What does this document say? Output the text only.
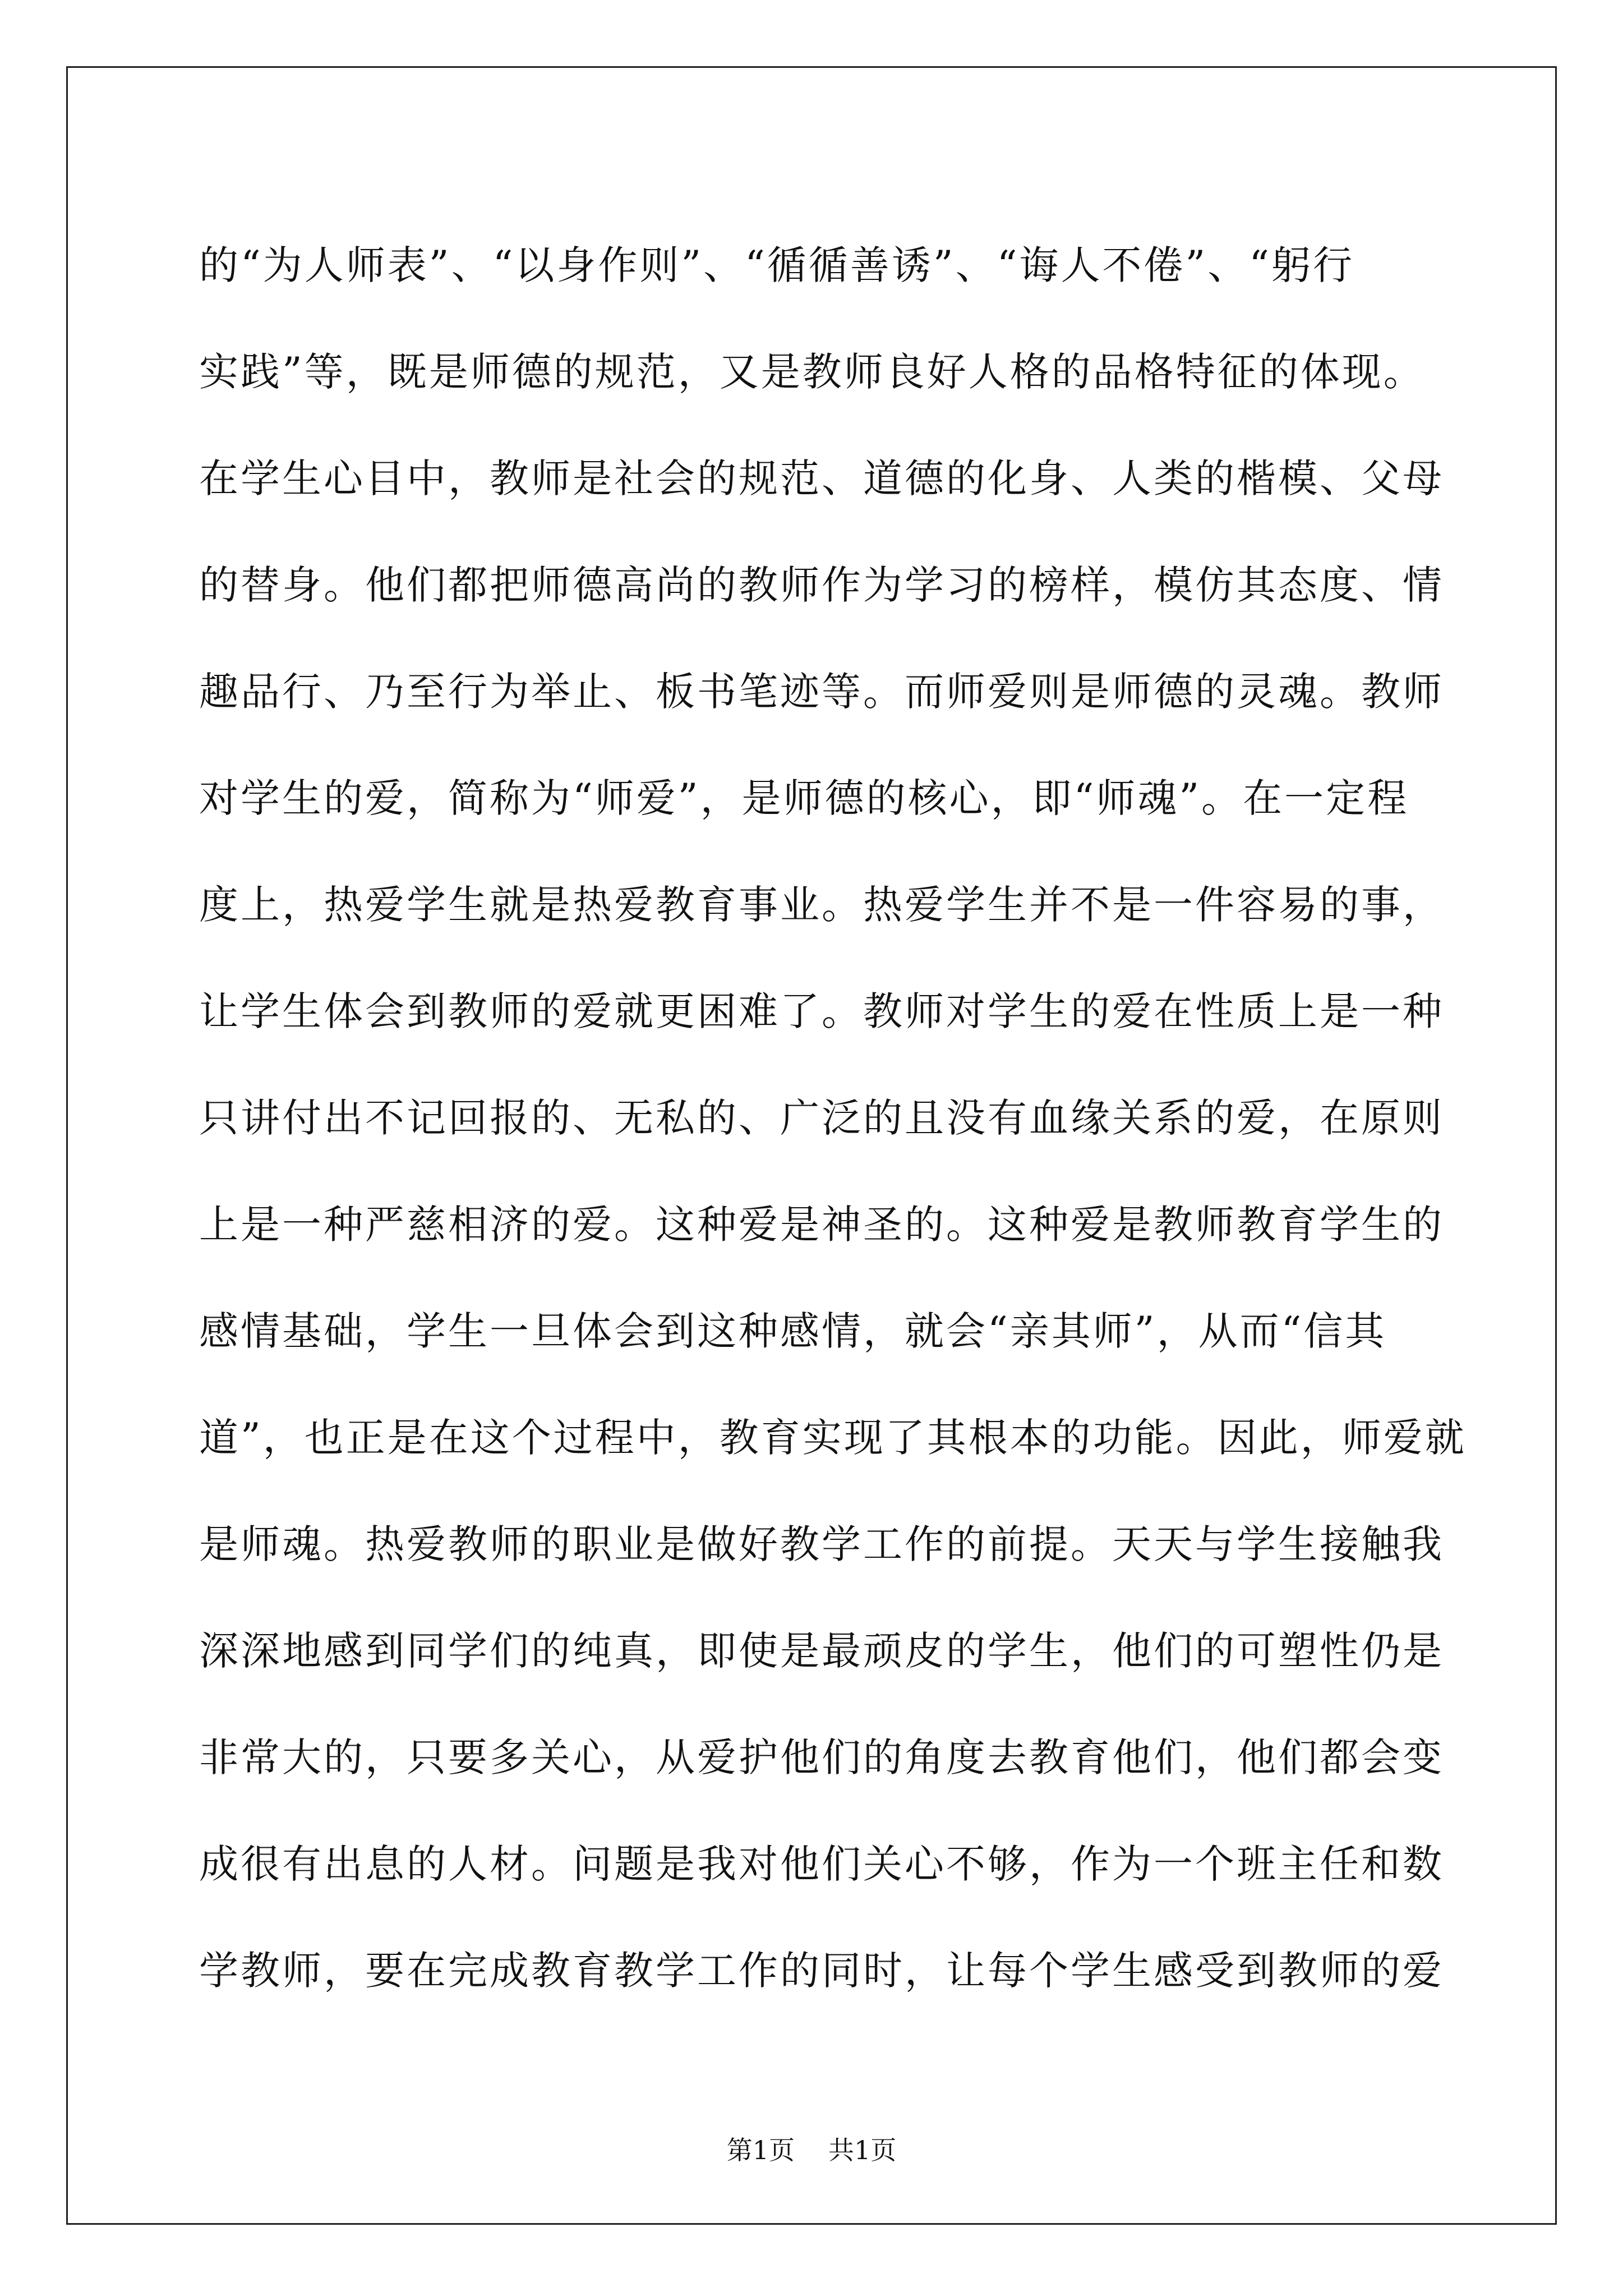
的“为人师表”、“以身作则”、“循循善诱”、“诲人不倦”、“躬行
实践”等，既是师德的规范，又是教师良好人格的品格特征的体现。
在学生心目中，教师是社会的规范、道德的化身、人类的楷模、父母
的替身。他们都把师德高尚的教师作为学习的榜样，模仿其态度、情
趣品行、乃至行为举止、板书笔迹等。而师爱则是师德的灵魂。教师
对学生的爱，简称为“师爱”，是师德的核心，即“师魂”。在一定程
度上，热爱学生就是热爱教育事业。热爱学生并不是一件容易的事，
让学生体会到教师的爱就更困难了。教师对学生的爱在性质上是一种
只讲付出不记回报的、无私的、广泛的且没有血缘关系的爱，在原则
上是一种严慈相济的爱。这种爱是神圣的。这种爱是教师教育学生的
感情基础，学生一旦体会到这种感情，就会“亲其师”，从而“信其
道”，也正是在这个过程中，教育实现了其根本的功能。因此，师爱就
是师魂。热爱教师的职业是做好教学工作的前提。天天与学生接触我
深深地感到同学们的纯真，即使是最顽皮的学生，他们的可塑性仍是
非常大的，只要多关心，从爱护他们的角度去教育他们，他们都会变
成很有出息的人材。问题是我对他们关心不够，作为一个班主任和数
学教师，要在完成教育教学工作的同时，让每个学生感受到教师的爱
第1页 共1页
